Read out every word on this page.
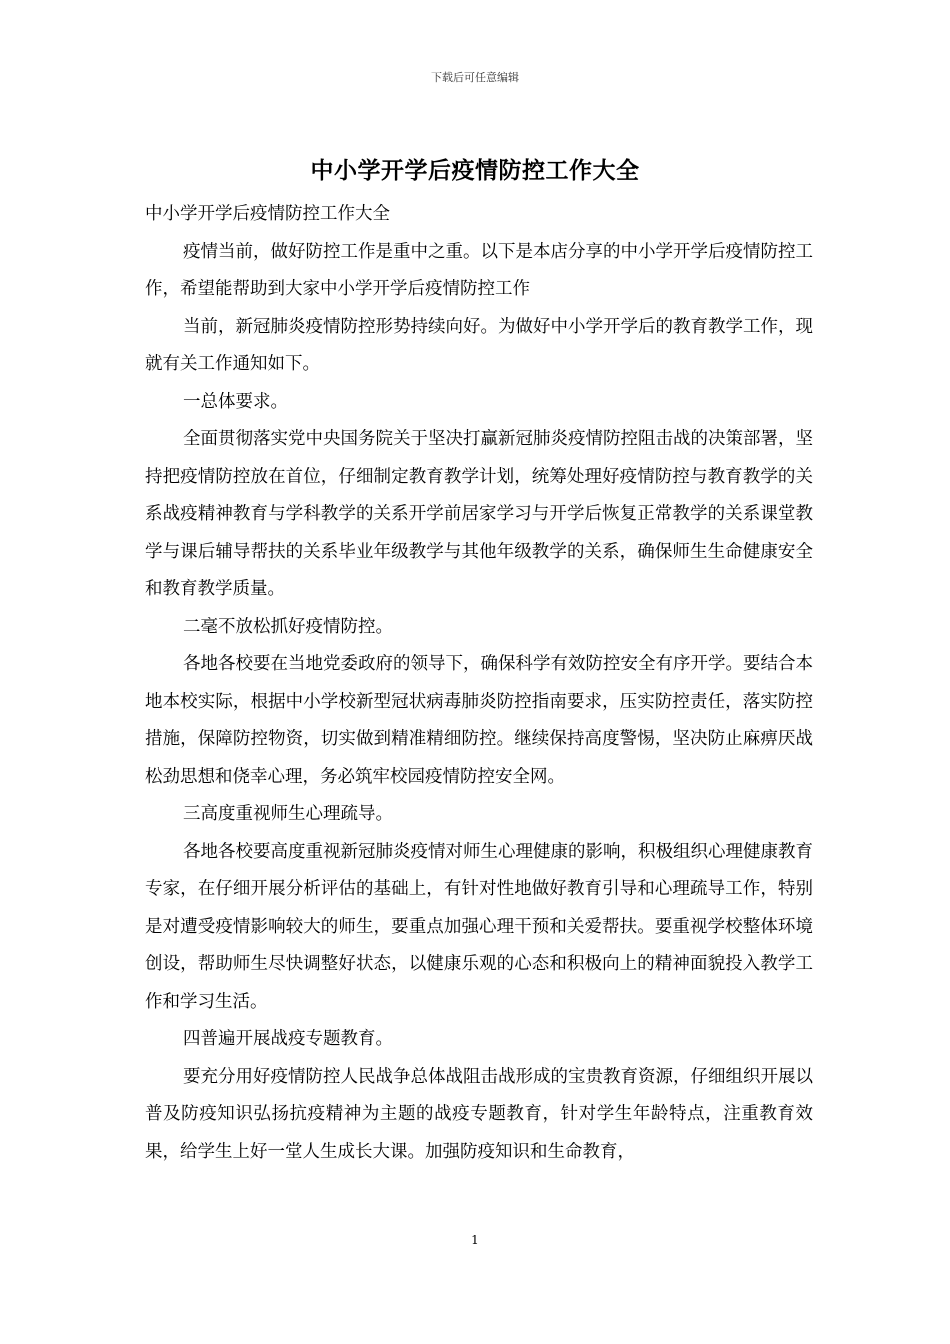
下载后可任意编辑
中小学开学后疫情防控工作大全

中小学开学后疫情防控工作大全

疫情当前，做好防控工作是重中之重。以下是本店分享的中小学开学后疫情防控工作，希望能帮助到大家中小学开学后疫情防控工作

当前，新冠肺炎疫情防控形势持续向好。为做好中小学开学后的教育教学工作，现就有关工作通知如下。

一总体要求。

全面贯彻落实党中央国务院关于坚决打赢新冠肺炎疫情防控阻击战的决策部署，坚持把疫情防控放在首位，仔细制定教育教学计划，统筹处理好疫情防控与教育教学的关系战疫精神教育与学科教学的关系开学前居家学习与开学后恢复正常教学的关系课堂教学与课后辅导帮扶的关系毕业年级教学与其他年级教学的关系，确保师生生命健康安全和教育教学质量。

二毫不放松抓好疫情防控。

各地各校要在当地党委政府的领导下，确保科学有效防控安全有序开学。要结合本地本校实际，根据中小学校新型冠状病毒肺炎防控指南要求，压实防控责任，落实防控措施，保障防控物资，切实做到精准精细防控。继续保持高度警惕，坚决防止麻痹厌战松劲思想和侥幸心理，务必筑牢校园疫情防控安全网。

三高度重视师生心理疏导。

各地各校要高度重视新冠肺炎疫情对师生心理健康的影响，积极组织心理健康教育专家，在仔细开展分析评估的基础上，有针对性地做好教育引导和心理疏导工作，特别是对遭受疫情影响较大的师生，要重点加强心理干预和关爱帮扶。要重视学校整体环境创设，帮助师生尽快调整好状态，以健康乐观的心态和积极向上的精神面貌投入教学工作和学习生活。

四普遍开展战疫专题教育。

要充分用好疫情防控人民战争总体战阻击战形成的宝贵教育资源，仔细组织开展以普及防疫知识弘扬抗疫精神为主题的战疫专题教育，针对学生年龄特点，注重教育效果，给学生上好一堂人生成长大课。加强防疫知识和生命教育，

1
